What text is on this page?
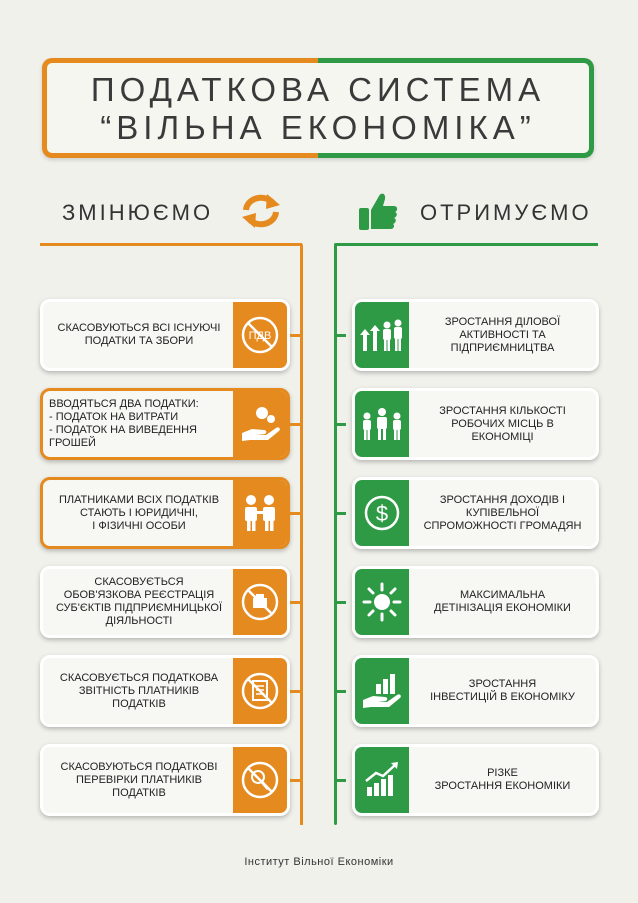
ПОДАТКОВА СИСТЕМА
“ВІЛЬНА ЕКОНОМІКА”
ЗМІНЮЄМО	ОТРИМУЄМО
СКАСОВУЮТЬСЯ ВСІ ІСНУЮЧІ
ПОДАТКИ ТА ЗБОРИ	ПДВ
ВВОДЯТЬСЯ ДВА ПОДАТКИ:
- ПОДАТОК НА ВИТРАТИ
- ПОДАТОК НА ВИВЕДЕННЯ
ГРОШЕЙ
ПЛАТНИКАМИ ВСІХ ПОДАТКІВ
СТАЮТЬ І ЮРИДИЧНІ,
І ФІЗИЧНІ ОСОБИ
СКАСОВУЄТЬСЯ
ОБОВ'ЯЗКОВА РЕЄСТРАЦІЯ
СУБ'ЄКТІВ ПІДПРИЄМНИЦЬКОЇ
ДІЯЛЬНОСТІ
СКАСОВУЄТЬСЯ ПОДАТКОВА
ЗВІТНІСТЬ ПЛАТНИКІВ
ПОДАТКІВ
СКАСОВУЮТЬСЯ ПОДАТКОВІ
ПЕРЕВІРКИ ПЛАТНИКІВ
ПОДАТКІВ
ЗРОСТАННЯ ДІЛОВОЇ
АКТИВНОСТІ ТА
ПІДПРИЄМНИЦТВА
ЗРОСТАННЯ КІЛЬКОСТІ
РОБОЧИХ МІСЦЬ В
ЕКОНОМІЦІ
$
ЗРОСТАННЯ ДОХОДІВ І
КУПІВЕЛЬНОЇ
СПРОМОЖНОСТІ ГРОМАДЯН
МАКСИМАЛЬНА
ДЕТІНІЗАЦІЯ ЕКОНОМІКИ
ЗРОСТАННЯ
ІНВЕСТИЦІЙ В ЕКОНОМІКУ
РІЗКЕ
ЗРОСТАННЯ ЕКОНОМІКИ
Інститут Вільної Економіки
